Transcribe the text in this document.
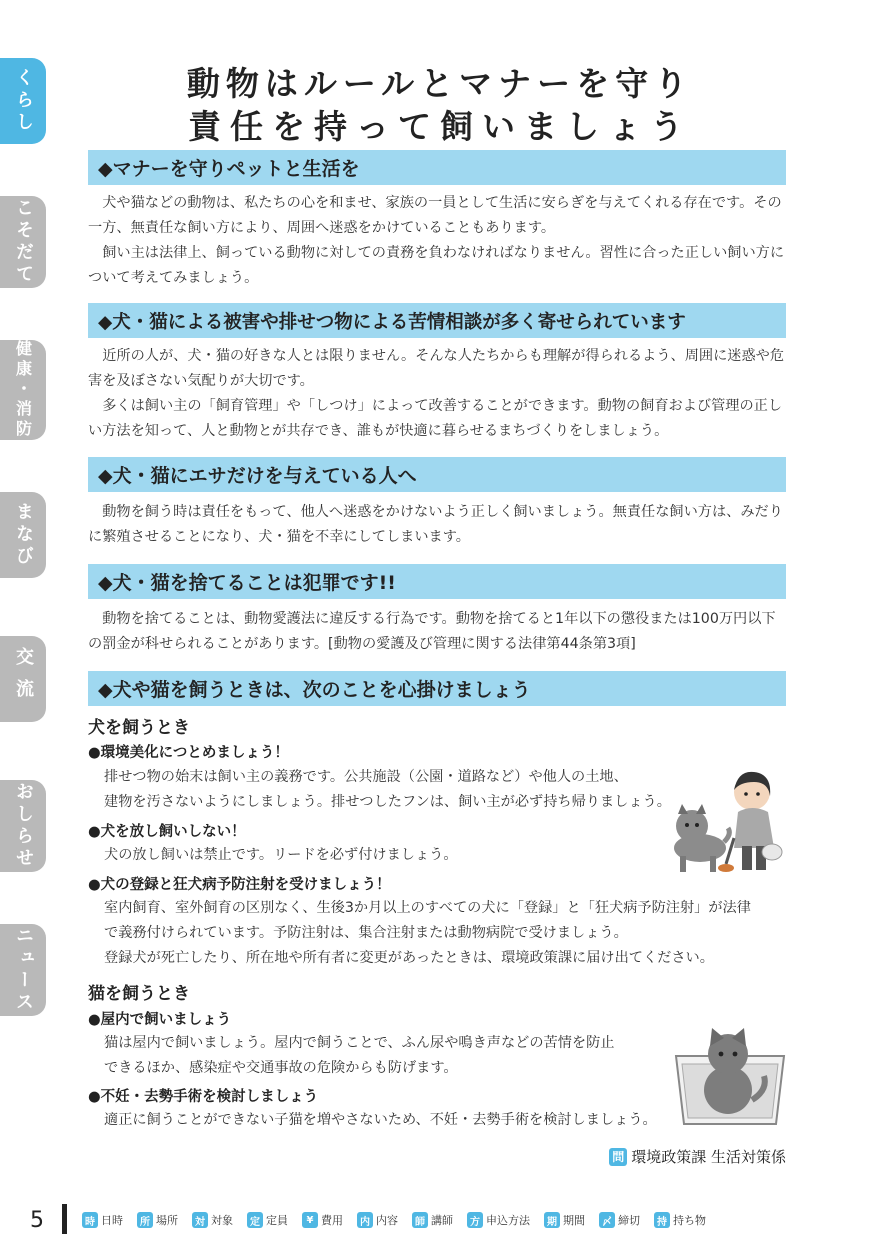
くらし
こそだて
健康・消防
まなび
交流
おしらせ
ニュース
動物はルールとマナーを守り
責任を持って飼いましょう
◆マナーを守りペットと生活を

犬や猫などの動物は、私たちの心を和ませ、家族の一員として生活に安らぎを与えてくれる存在です。その一方、無責任な飼い方により、周囲へ迷惑をかけていることもあります。

飼い主は法律上、飼っている動物に対しての責務を負わなければなりません。習性に合った正しい飼い方について考えてみましょう。

◆犬・猫による被害や排せつ物による苦情相談が多く寄せられています

近所の人が、犬・猫の好きな人とは限りません。そんな人たちからも理解が得られるよう、周囲に迷惑や危害を及ぼさない気配りが大切です。

多くは飼い主の「飼育管理」や「しつけ」によって改善することができます。動物の飼育および管理の正しい方法を知って、人と動物とが共存でき、誰もが快適に暮らせるまちづくりをしましょう。

◆犬・猫にエサだけを与えている人へ

動物を飼う時は責任をもって、他人へ迷惑をかけないよう正しく飼いましょう。無責任な飼い方は、みだりに繁殖させることになり、犬・猫を不幸にしてしまいます。

◆犬・猫を捨てることは犯罪です!!

動物を捨てることは、動物愛護法に違反する行為です。動物を捨てると1年以下の懲役または100万円以下の罰金が科せられることがあります。[動物の愛護及び管理に関する法律第44条第3項]

◆犬や猫を飼うときは、次のことを心掛けましょう
犬を飼うとき
●環境美化につとめましょう！
排せつ物の始末は飼い主の義務です。公共施設（公園・道路など）や他人の土地、
建物を汚さないようにしましょう。排せつしたフンは、飼い主が必ず持ち帰りましょう。
●犬を放し飼いしない！
犬の放し飼いは禁止です。リードを必ず付けましょう。
●犬の登録と狂犬病予防注射を受けましょう！
室内飼育、室外飼育の区別なく、生後3か月以上のすべての犬に「登録」と「狂犬病予防注射」が法律
で義務付けられています。予防注射は、集合注射または動物病院で受けましょう。
登録犬が死亡したり、所在地や所有者に変更があったときは、環境政策課に届け出てください。
猫を飼うとき
●屋内で飼いましょう
猫は屋内で飼いましょう。屋内で飼うことで、ふん尿や鳴き声などの苦情を防止
できるほか、感染症や交通事故の危険からも防げます。
●不妊・去勢手術を検討しましょう
適正に飼うことができない子猫を増やさないため、不妊・去勢手術を検討しましょう。
問 環境政策課 生活対策係
5	時 日時	所 場所	対 対象	定 定員	¥ 費用	内 内容	師 講師	方 申込方法	期 期間	〆 締切	持 持ち物
